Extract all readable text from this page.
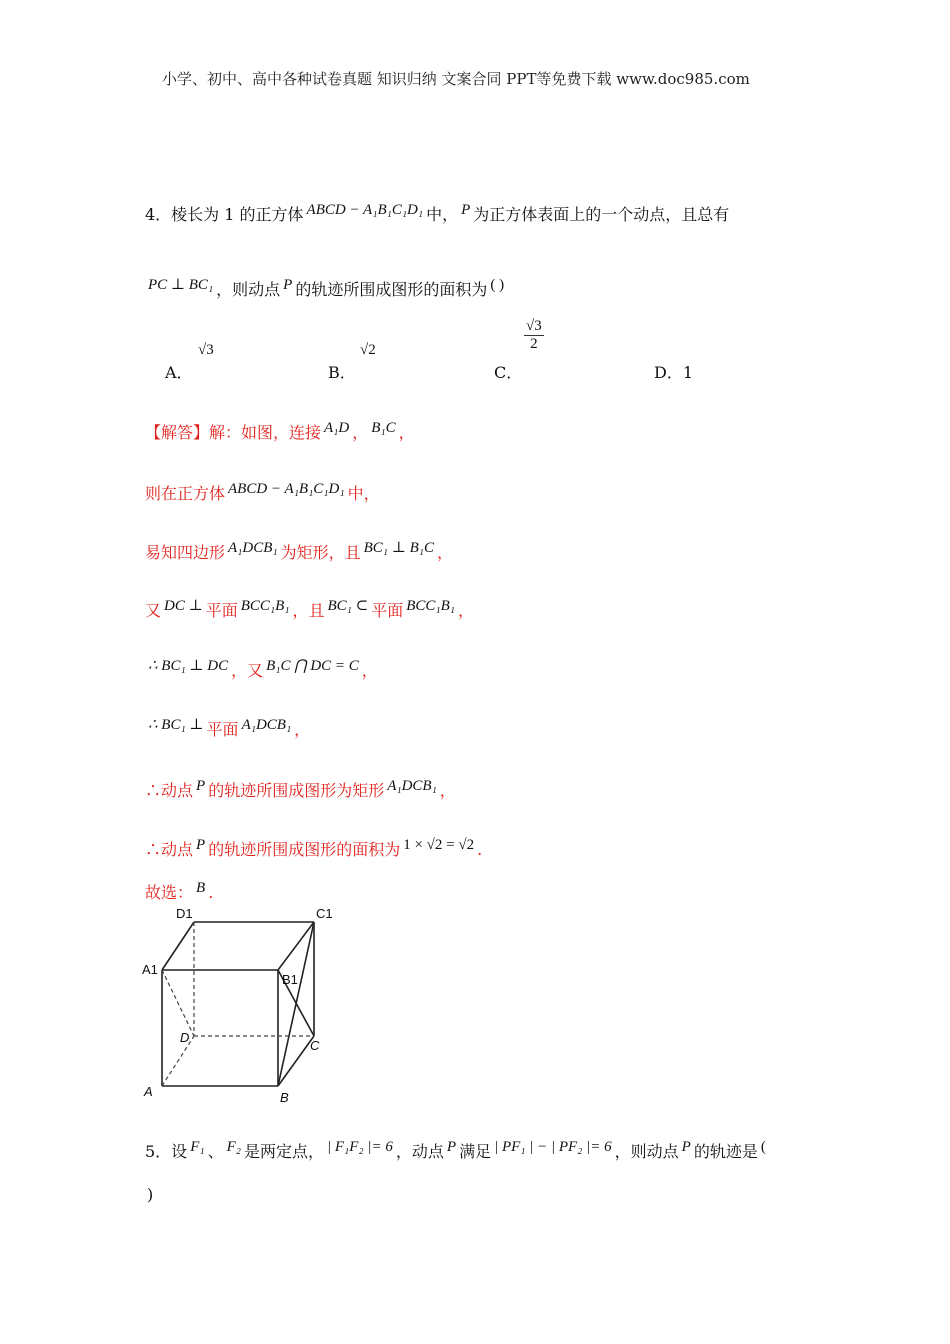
小学、初中、高中各种试卷真题 知识归纳 文案合同 PPT等免费下载 www.doc985.com
4．棱长为 1 的正方体 ABCD − A₁B₁C₁D₁ 中， P 为正方体表面上的一个动点，且总有
PC ⊥ BC₁ ，则动点 P 的轨迹所围成图形的面积为 ( )
A．
√3
B．
√2
C．
$\frac{√3}{2}$
D．1
【解答】解：如图，连接 A₁D ， B₁C ，
则在正方体 ABCD − A₁B₁C₁D₁ 中，
易知四边形 A₁DCB₁ 为矩形，且 BC₁ ⊥ B₁C ，
又 DC ⊥ 平面 BCC₁B₁ ，且 BC₁ ⊂ 平面 BCC₁B₁ ，
∴ BC₁ ⊥ DC ，又 B₁C ⋂ DC = C ，
∴ BC₁ ⊥ 平面 A₁DCB₁ ，
∴动点 P 的轨迹所围成图形为矩形 A₁DCB₁ ，
∴动点 P 的轨迹所围成图形的面积为 1 × √2 = √2 .
故选： B .
D1	C1
A1
B1
D
C
A	B
5．设 F₁ 、 F₂ 是两定点， | F₁F₂ |= 6 ，动点 P 满足 | PF₁ | − | PF₂ |= 6 ，则动点 P 的轨迹是 (
)
